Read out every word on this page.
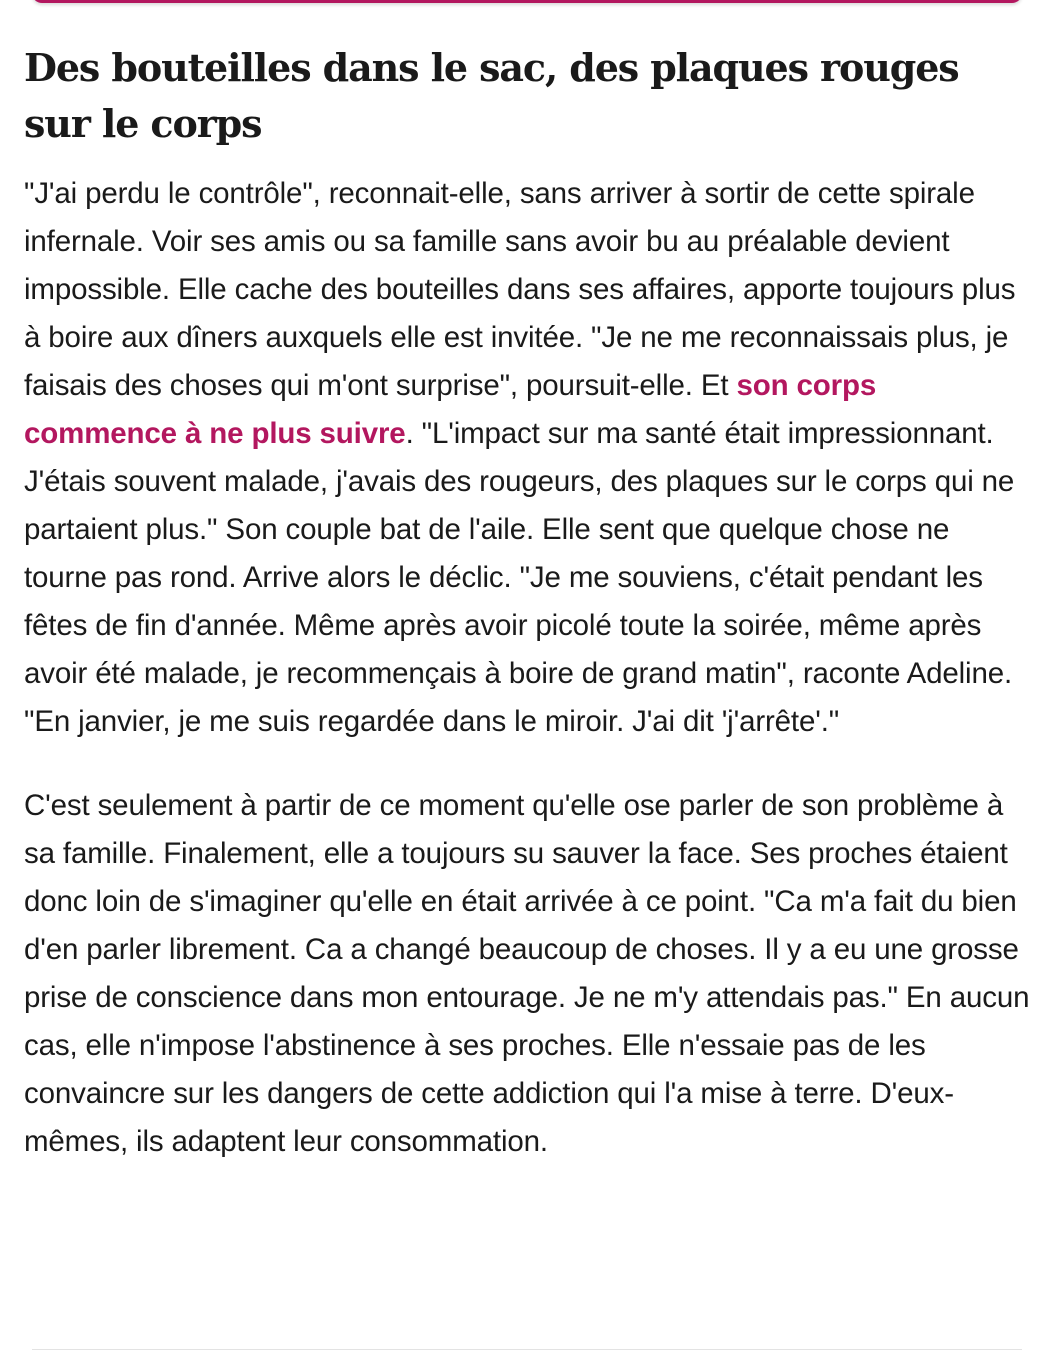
Des bouteilles dans le sac, des plaques rouges sur le corps

"J'ai perdu le contrôle", reconnait-elle, sans arriver à sortir de cette spirale infernale. Voir ses amis ou sa famille sans avoir bu au préalable devient impossible. Elle cache des bouteilles dans ses affaires, apporte toujours plus à boire aux dîners auxquels elle est invitée. "Je ne me reconnaissais plus, je faisais des choses qui m'ont surprise", poursuit-elle. Et son corps commence à ne plus suivre. "L'impact sur ma santé était impressionnant. J'étais souvent malade, j'avais des rougeurs, des plaques sur le corps qui ne partaient plus." Son couple bat de l'aile. Elle sent que quelque chose ne tourne pas rond. Arrive alors le déclic. "Je me souviens, c'était pendant les fêtes de fin d'année. Même après avoir picolé toute la soirée, même après avoir été malade, je recommençais à boire de grand matin", raconte Adeline. "En janvier, je me suis regardée dans le miroir. J'ai dit 'j'arrête'."

C'est seulement à partir de ce moment qu'elle ose parler de son problème à sa famille. Finalement, elle a toujours su sauver la face. Ses proches étaient donc loin de s'imaginer qu'elle en était arrivée à ce point. "Ca m'a fait du bien d'en parler librement. Ca a changé beaucoup de choses. Il y a eu une grosse prise de conscience dans mon entourage. Je ne m'y attendais pas." En aucun cas, elle n'impose l'abstinence à ses proches. Elle n'essaie pas de les convaincre sur les dangers de cette addiction qui l'a mise à terre. D'eux-mêmes, ils adaptent leur consommation.
